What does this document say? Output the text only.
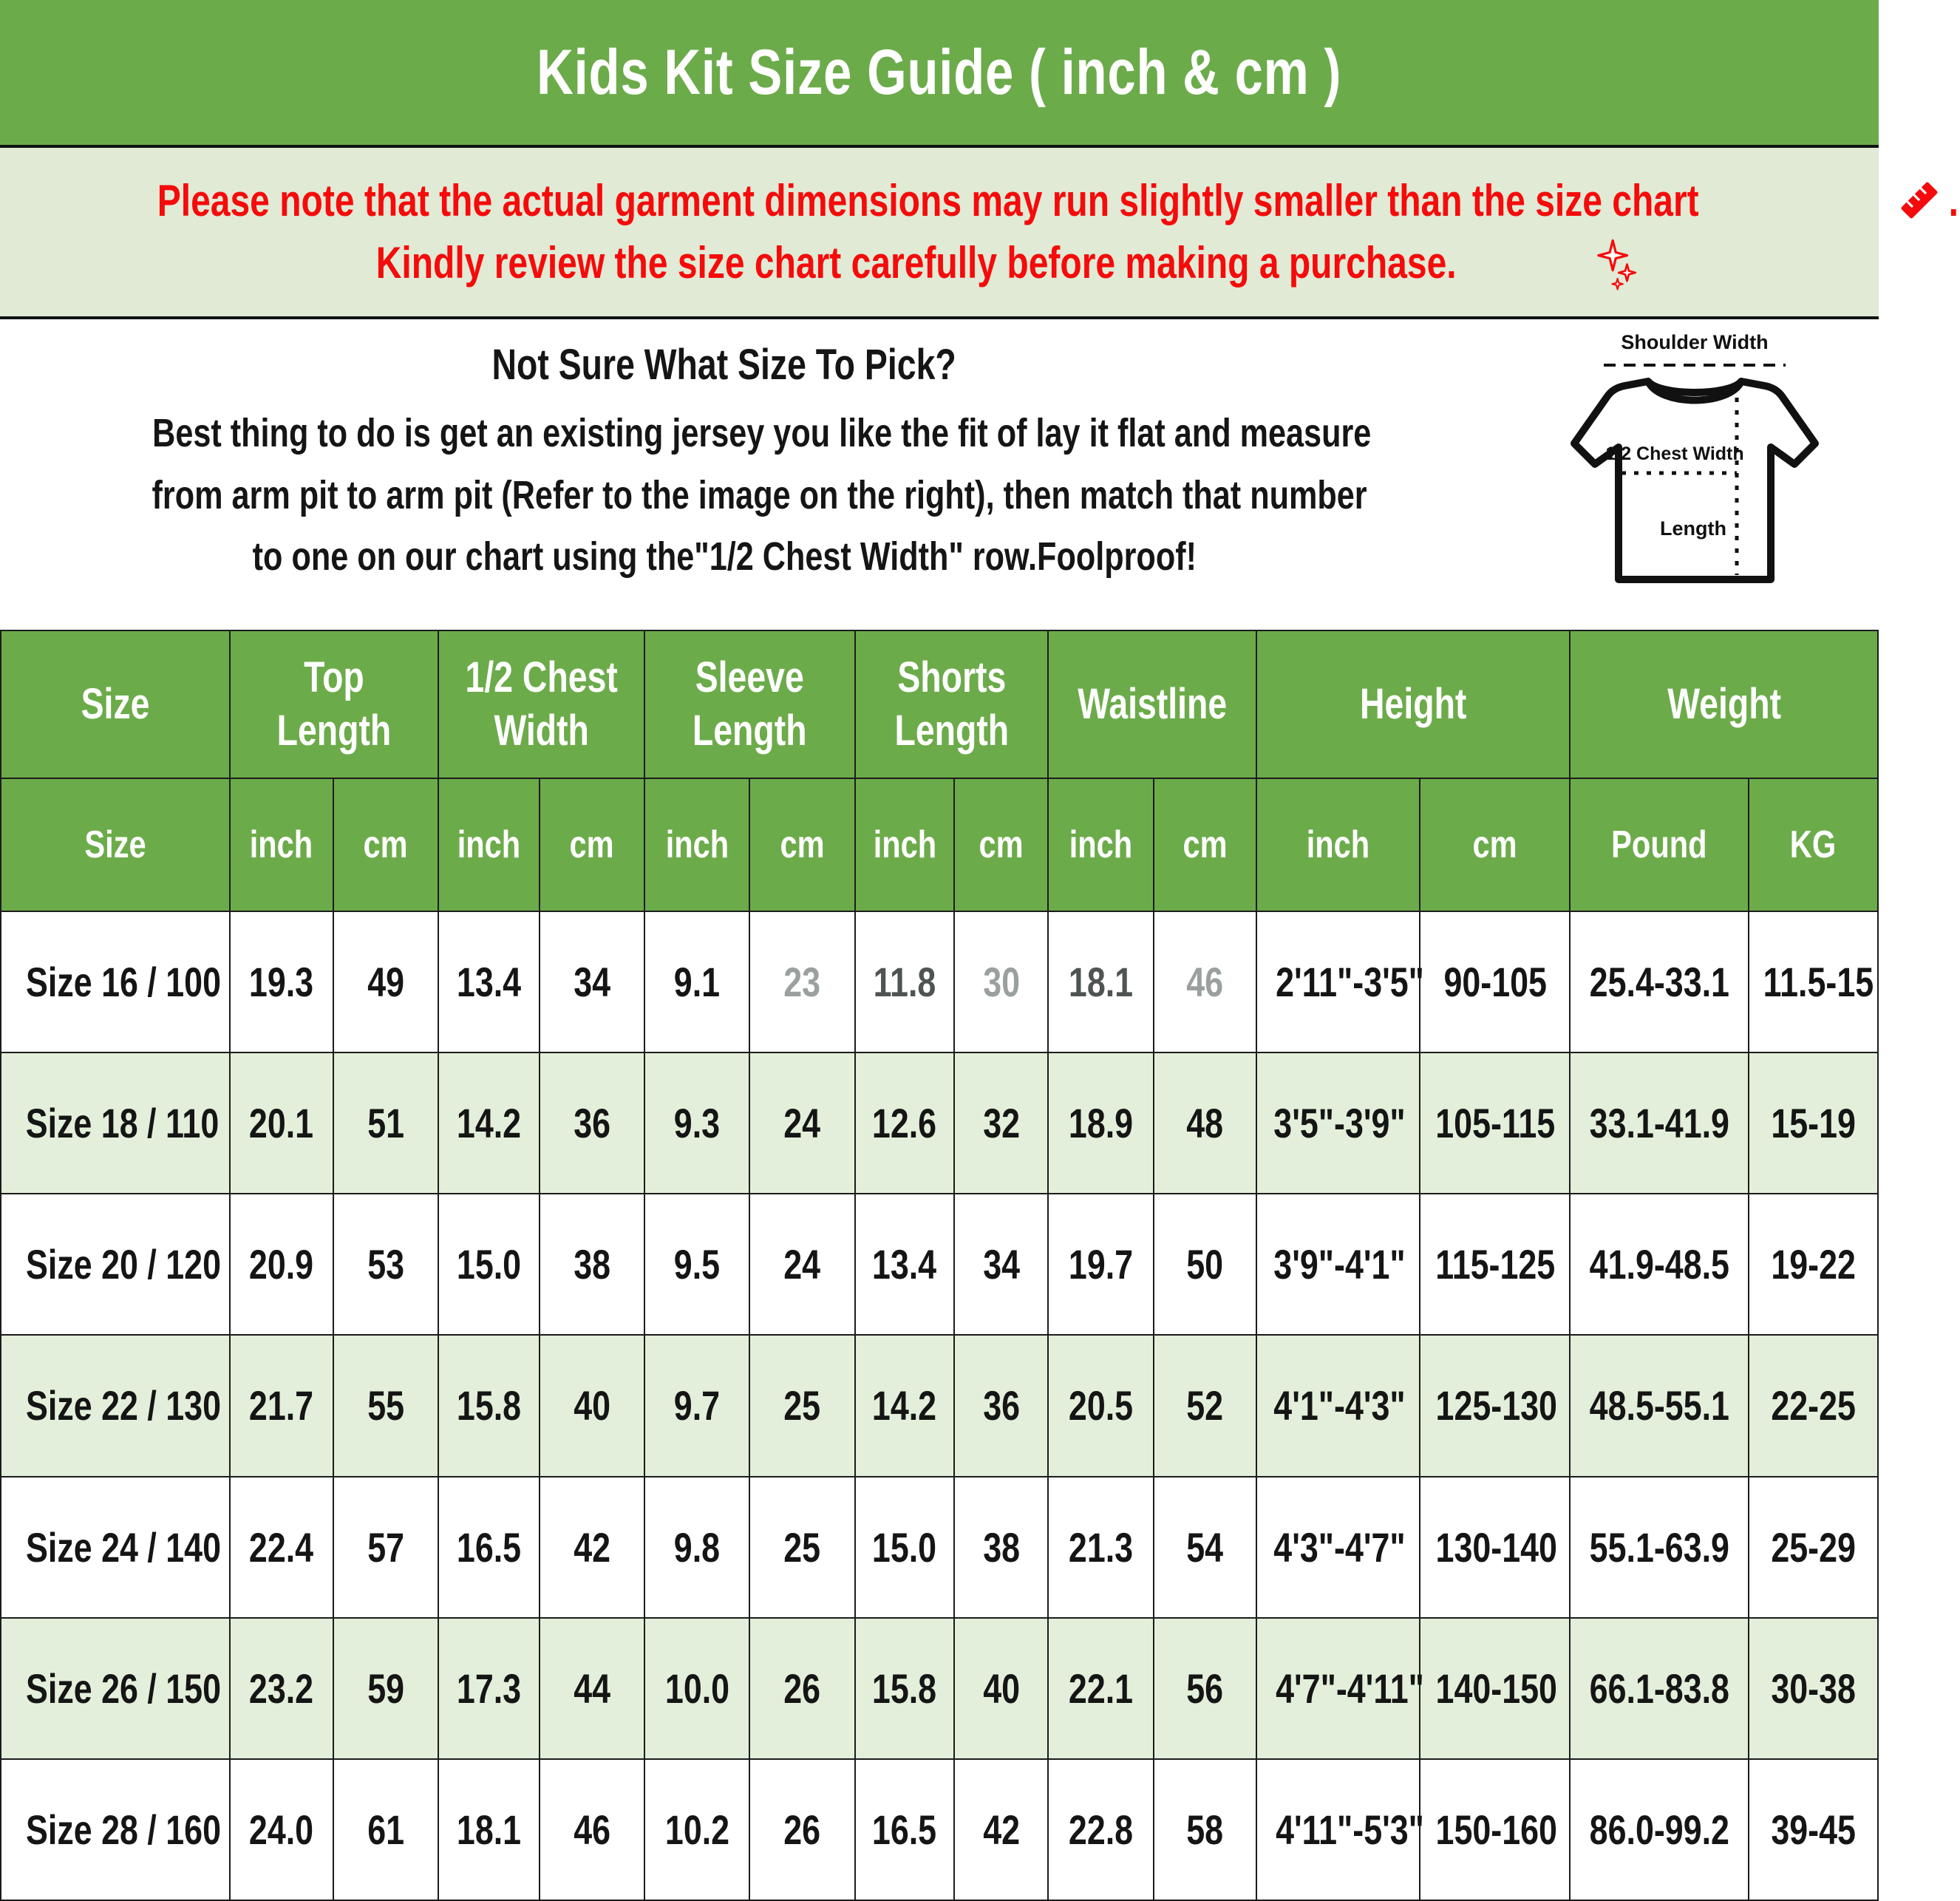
Kids Kit Size Guide ( inch & cm )
Please note that the actual garment dimensions may run slightly smaller than the size chart	.
Kindly review the size chart carefully before making a purchase.
Not Sure What Size To Pick?
Best thing to do is get an existing jersey you like the fit of lay it flat and measure
from arm pit to arm pit (Refer to the image on the right), then match that number
to one on our chart using the"1/2 Chest Width" row.Foolproof!
Shoulder Width
1/2 Chest Width
Length
Size	Top Length		1/2 Chest Width		Sleeve Length		Shorts Length		Waistline		Height		Weight	
Size	inch	cm	inch	cm	inch	cm	inch	cm	inch	cm	inch	cm	Pound	KG
Size 16 / 100	19.3	49	13.4	34	9.1	23	11.8	30	18.1	46	2'11"-3'5"	90-105	25.4-33.1	11.5-15
Size 18 / 110	20.1	51	14.2	36	9.3	24	12.6	32	18.9	48	3'5"-3'9"	105-115	33.1-41.9	15-19
Size 20 / 120	20.9	53	15.0	38	9.5	24	13.4	34	19.7	50	3'9"-4'1"	115-125	41.9-48.5	19-22
Size 22 / 130	21.7	55	15.8	40	9.7	25	14.2	36	20.5	52	4'1"-4'3"	125-130	48.5-55.1	22-25
Size 24 / 140	22.4	57	16.5	42	9.8	25	15.0	38	21.3	54	4'3"-4'7"	130-140	55.1-63.9	25-29
Size 26 / 150	23.2	59	17.3	44	10.0	26	15.8	40	22.1	56	4'7"-4'11"	140-150	66.1-83.8	30-38
Size 28 / 160	24.0	61	18.1	46	10.2	26	16.5	42	22.8	58	4'11"-5'3"	150-160	86.0-99.2	39-45
